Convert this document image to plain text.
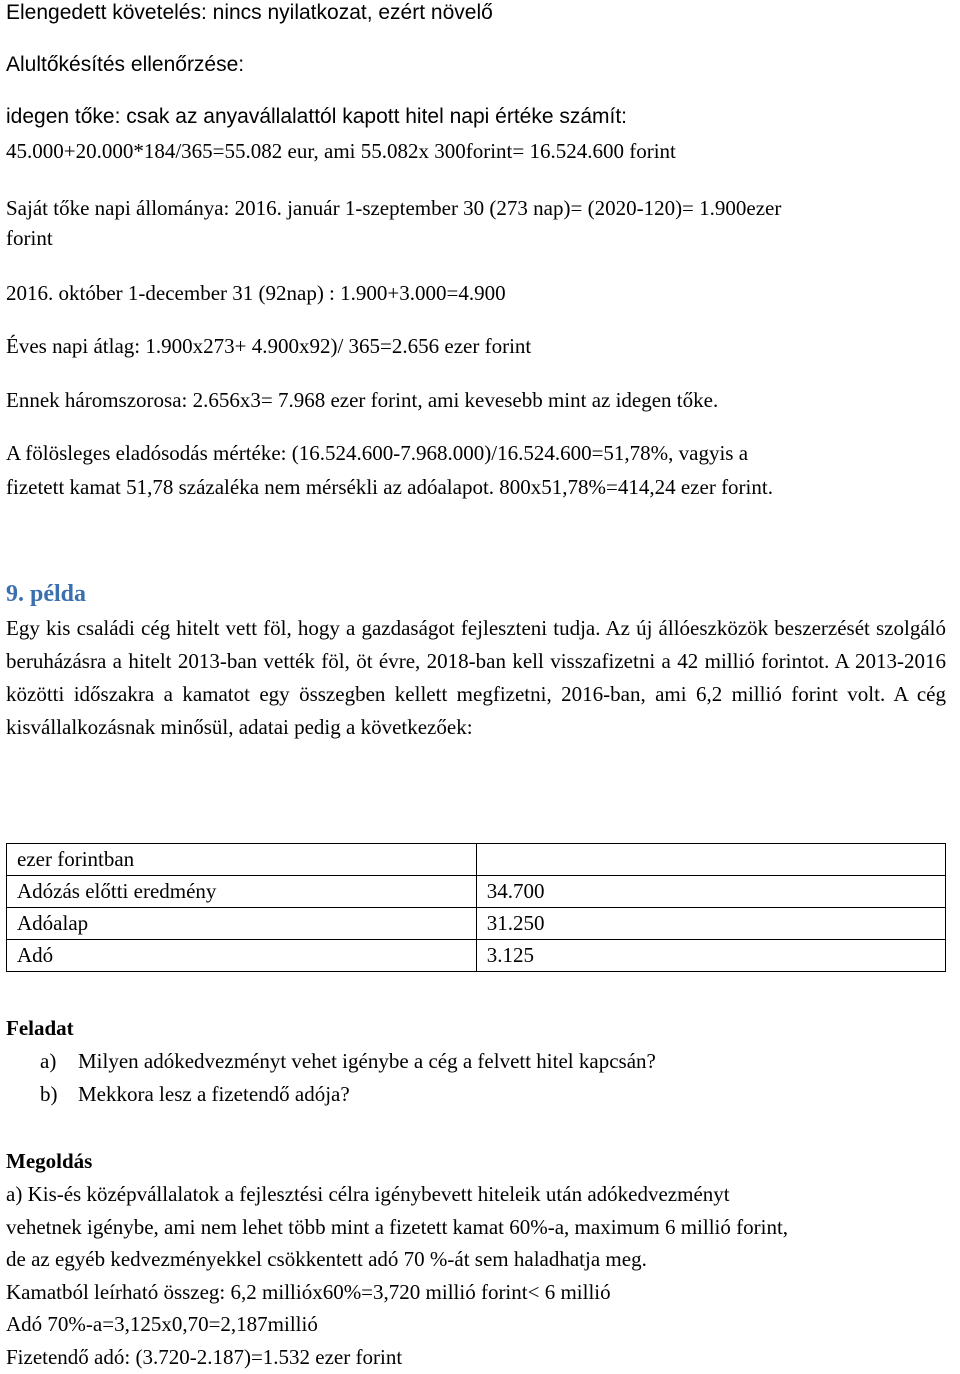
Elengedett követelés: nincs nyilatkozat, ezért növelő
Alultőkésítés ellenőrzése:
idegen tőke: csak az anyavállalattól kapott hitel napi értéke számít:
45.000+20.000*184/365=55.082 eur, ami 55.082x 300forint= 16.524.600 forint
Saját tőke napi állománya: 2016. január 1-szeptember 30 (273 nap)= (2020-120)= 1.900ezer
forint
2016. október 1-december 31 (92nap) : 1.900+3.000=4.900
Éves napi átlag: 1.900x273+ 4.900x92)/ 365=2.656 ezer forint
Ennek háromszorosa: 2.656x3= 7.968 ezer forint, ami kevesebb mint az idegen tőke.
A fölösleges eladósodás mértéke: (16.524.600-7.968.000)/16.524.600=51,78%, vagyis a
fizetett kamat 51,78 százaléka nem mérsékli az adóalapot. 800x51,78%=414,24 ezer forint.
9. példa
Egy kis családi cég hitelt vett föl, hogy a gazdaságot fejleszteni tudja. Az új állóeszközök beszerzését szolgáló beruházásra a hitelt 2013-ban vették föl, öt évre, 2018-ban kell visszafizetni a 42 millió forintot. A 2013-2016 közötti időszakra a kamatot egy összegben kellett megfizetni, 2016-ban, ami 6,2 millió forint volt. A cég kisvállalkozásnak minősül, adatai pedig a következőek:
ezer forintban	
Adózás előtti eredmény	34.700
Adóalap	31.250
Adó	3.125
Feladat
a) Milyen adókedvezményt vehet igénybe a cég a felvett hitel kapcsán?
b) Mekkora lesz a fizetendő adója?
Megoldás
a) Kis-és középvállalatok a fejlesztési célra igénybevett hiteleik után adókedvezményt
vehetnek igénybe, ami nem lehet több mint a fizetett kamat 60%-a, maximum 6 millió forint,
de az egyéb kedvezményekkel csökkentett adó 70 %-át sem haladhatja meg.
Kamatból leírható összeg: 6,2 millióx60%=3,720 millió forint< 6 millió
Adó 70%-a=3,125x0,70=2,187millió
Fizetendő adó: (3.720-2.187)=1.532 ezer forint
